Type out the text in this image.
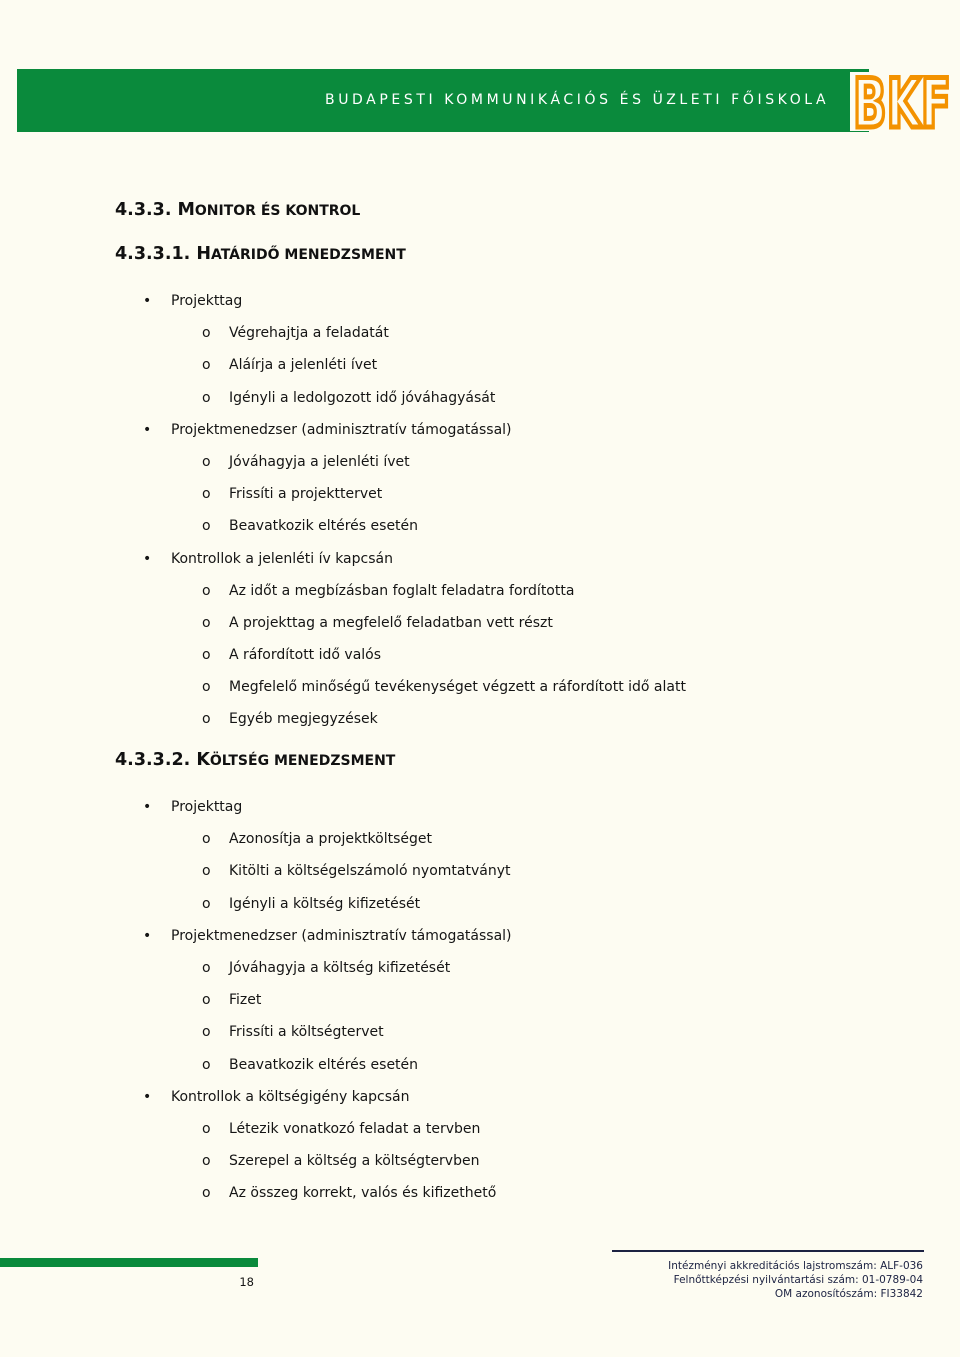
BUDAPESTI KOMMUNIKÁCIÓS ÉS ÜZLETI FŐISKOLA BKF
4.3.3. MONITOR ÉS KONTROL
4.3.3.1. HATÁRIDŐ MENEDZSMENT
• Projekttag
o Végrehajtja a feladatát
o Aláírja a jelenléti ívet
o Igényli a ledolgozott idő jóváhagyását
• Projektmenedzser (adminisztratív támogatással)
o Jóváhagyja a jelenléti ívet
o Frissíti a projekttervet
o Beavatkozik eltérés esetén
• Kontrollok a jelenléti ív kapcsán
o Az időt a megbízásban foglalt feladatra fordította
o A projekttag a megfelelő feladatban vett részt
o A ráfordított idő valós
o Megfelelő minőségű tevékenységet végzett a ráfordított idő alatt
o Egyéb megjegyzések
4.3.3.2. KÖLTSÉG MENEDZSMENT
• Projekttag
o Azonosítja a projektköltséget
o Kitölti a költségelszámoló nyomtatványt
o Igényli a költség kifizetését
• Projektmenedzser (adminisztratív támogatással)
o Jóváhagyja a költség kifizetését
o Fizet
o Frissíti a költségtervet
o Beavatkozik eltérés esetén
• Kontrollok a költségigény kapcsán
o Létezik vonatkozó feladat a tervben
o Szerepel a költség a költségtervben
o Az összeg korrekt, valós és kifizethető
18
Intézményi akkreditációs lajstromszám: ALF-036
Felnőttképzési nyilvántartási szám: 01-0789-04
OM azonosítószám: FI33842
